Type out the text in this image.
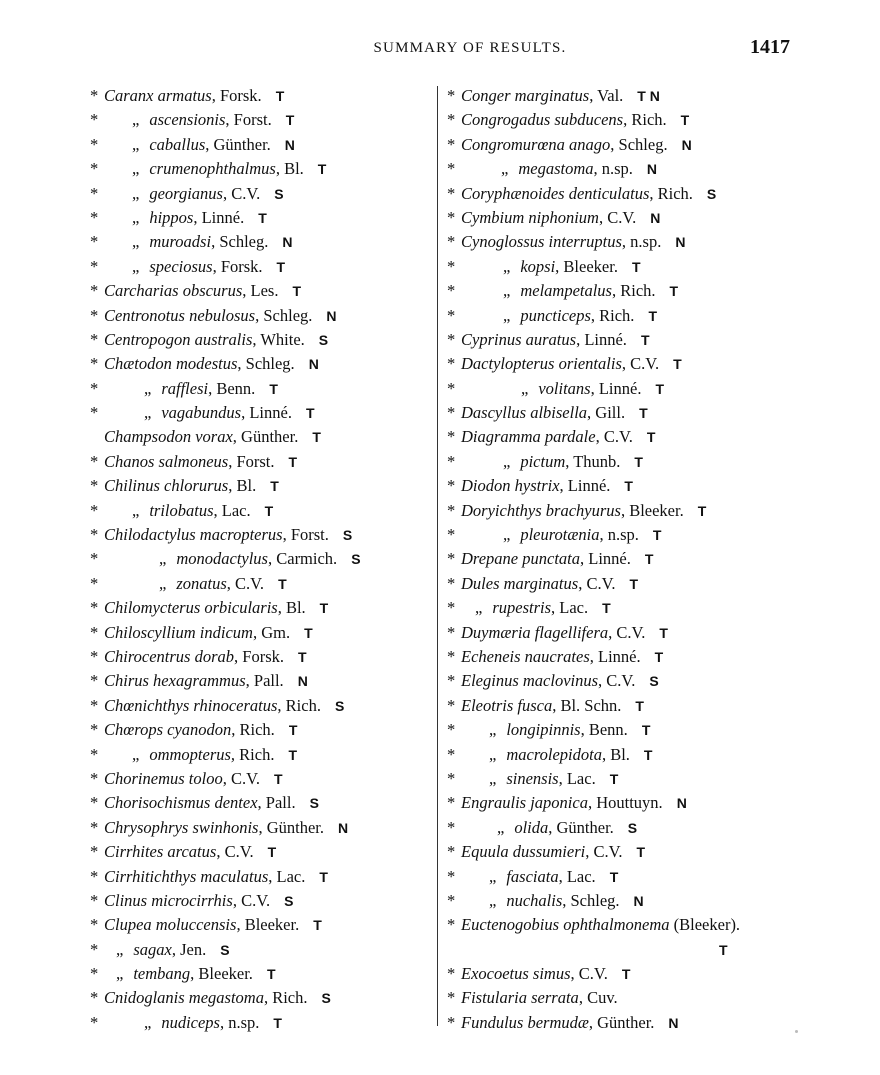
SUMMARY OF RESULTS.	1417
* Caranx armatus, Forsk. T
* „ ascensionis, Forst. T
* „ caballus, Günther. N
* „ crumenophthalmus, Bl. T
* „ georgianus, C.V. S
* „ hippos, Linné. T
* „ muroadsi, Schleg. N
* „ speciosus, Forsk. T
* Carcharias obscurus, Les. T
* Centronotus nebulosus, Schleg. N
* Centropogon australis, White. S
* Chætodon modestus, Schleg. N
*	„ rafflesi, Benn. T
*	„ vagabundus, Linné. T
Champsodon vorax, Günther. T
* Chanos salmoneus, Forst. T
* Chilinus chlorurus, Bl. T
* „ trilobatus, Lac. T
* Chilodactylus macropterus, Forst. S
*	„ monodactylus, Carmich. S
*	„ zonatus, C.V. T
* Chilomycterus orbicularis, Bl. T
* Chiloscyllium indicum, Gm. T
* Chirocentrus dorab, Forsk. T
* Chirus hexagrammus, Pall. N
* Chœnichthys rhinoceratus, Rich. S
* Chœrops cyanodon, Rich. T
* „ ommopterus, Rich. T
* Chorinemus toloo, C.V. T
* Chorisochismus dentex, Pall. S
* Chrysophrys swinhonis, Günther. N
* Cirrhites arcatus, C.V. T
* Cirrhitichthys maculatus, Lac. T
* Clinus microcirrhis, C.V. S
* Clupea moluccensis, Bleeker. T
* „ sagax, Jen. S
* „ tembang, Bleeker. T
* Cnidoglanis megastoma, Rich. S
*	„ nudiceps, n.sp. T
* Conger marginatus, Val. T N
* Congrogadus subducens, Rich. T
* Congromurœna anago, Schleg. N
*	„ megastoma, n.sp. N
* Coryphænoides denticulatus, Rich. S
* Cymbium niphonium, C.V. N
* Cynoglossus interruptus, n.sp. N
*	„ kopsi, Bleeker. T
*	„ melampetalus, Rich. T
*	„ puncticeps, Rich. T
* Cyprinus auratus, Linné. T
* Dactylopterus orientalis, C.V. T
*	„ volitans, Linné. T
* Dascyllus albisella, Gill. T
* Diagramma pardale, C.V. T
*	„ pictum, Thunb. T
* Diodon hystrix, Linné. T
* Doryichthys brachyurus, Bleeker. T
*	„ pleurotænia, n.sp. T
* Drepane punctata, Linné. T
* Dules marginatus, C.V. T
* „ rupestris, Lac. T
* Duymæria flagellifera, C.V. T
* Echeneis naucrates, Linné. T
* Eleginus maclovinus, C.V. S
* Eleotris fusca, Bl. Schn. T
* „ longipinnis, Benn. T
* „ macrolepidota, Bl. T
* „ sinensis, Lac. T
* Engraulis japonica, Houttuyn. N
*	„ olida, Günther. S
* Equula dussumieri, C.V. T
* „ fasciata, Lac. T
* „ nuchalis, Schleg. N
* Euctenogobius ophthalmonema (Bleeker).
T
* Exocoetus simus, C.V. T
* Fistularia serrata, Cuv.
* Fundulus bermudæ, Günther. N
